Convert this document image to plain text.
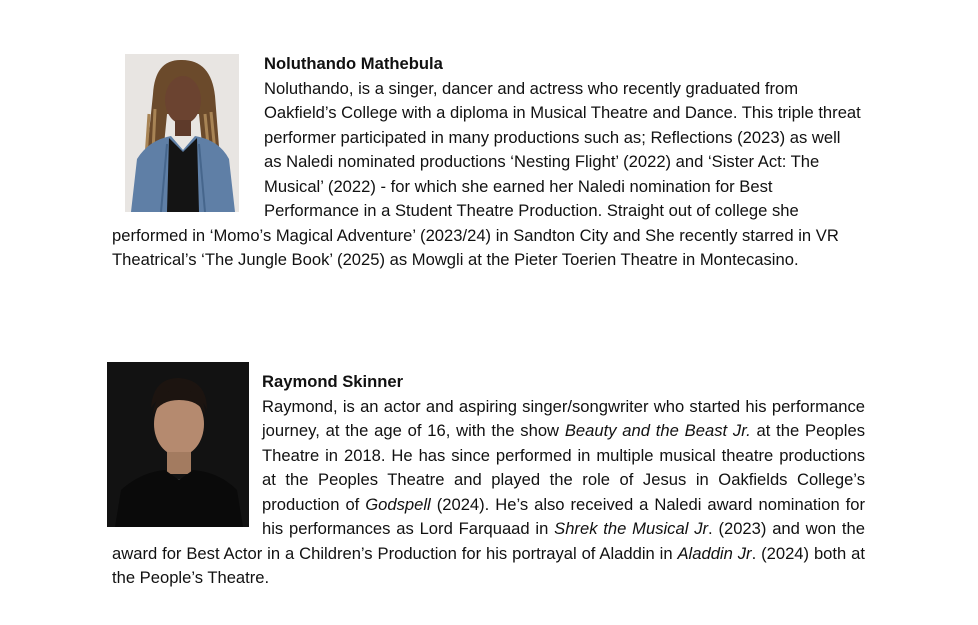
Noluthando Mathebula

Noluthando, is a singer, dancer and actress who recently graduated from Oakfield’s College with a diploma in Musical Theatre and Dance. This triple threat performer participated in many productions such as; Reflections (2023) as well as Naledi nominated productions ‘Nesting Flight’ (2022) and ‘Sister Act: The Musical’ (2022) - for which she earned her Naledi nomination for Best Performance in a Student Theatre Production. Straight out of college she performed in ‘Momo’s Magical Adventure’ (2023/24) in Sandton City and She recently starred in VR Theatrical’s ‘The Jungle Book’ (2025) as Mowgli at the Pieter Toerien Theatre in Montecasino.

Raymond Skinner

Raymond, is an actor and aspiring singer/songwriter who started his performance journey, at the age of 16, with the show Beauty and the Beast Jr. at the Peoples Theatre in 2018. He has since performed in multiple musical theatre productions at the Peoples Theatre and played the role of Jesus in Oakfields College’s production of Godspell (2024). He’s also received a Naledi award nomination for his performances as Lord Farquaad in Shrek the Musical Jr. (2023) and won the award for Best Actor in a Children’s Production for his portrayal of Aladdin in Aladdin Jr. (2024) both at the People’s Theatre.
